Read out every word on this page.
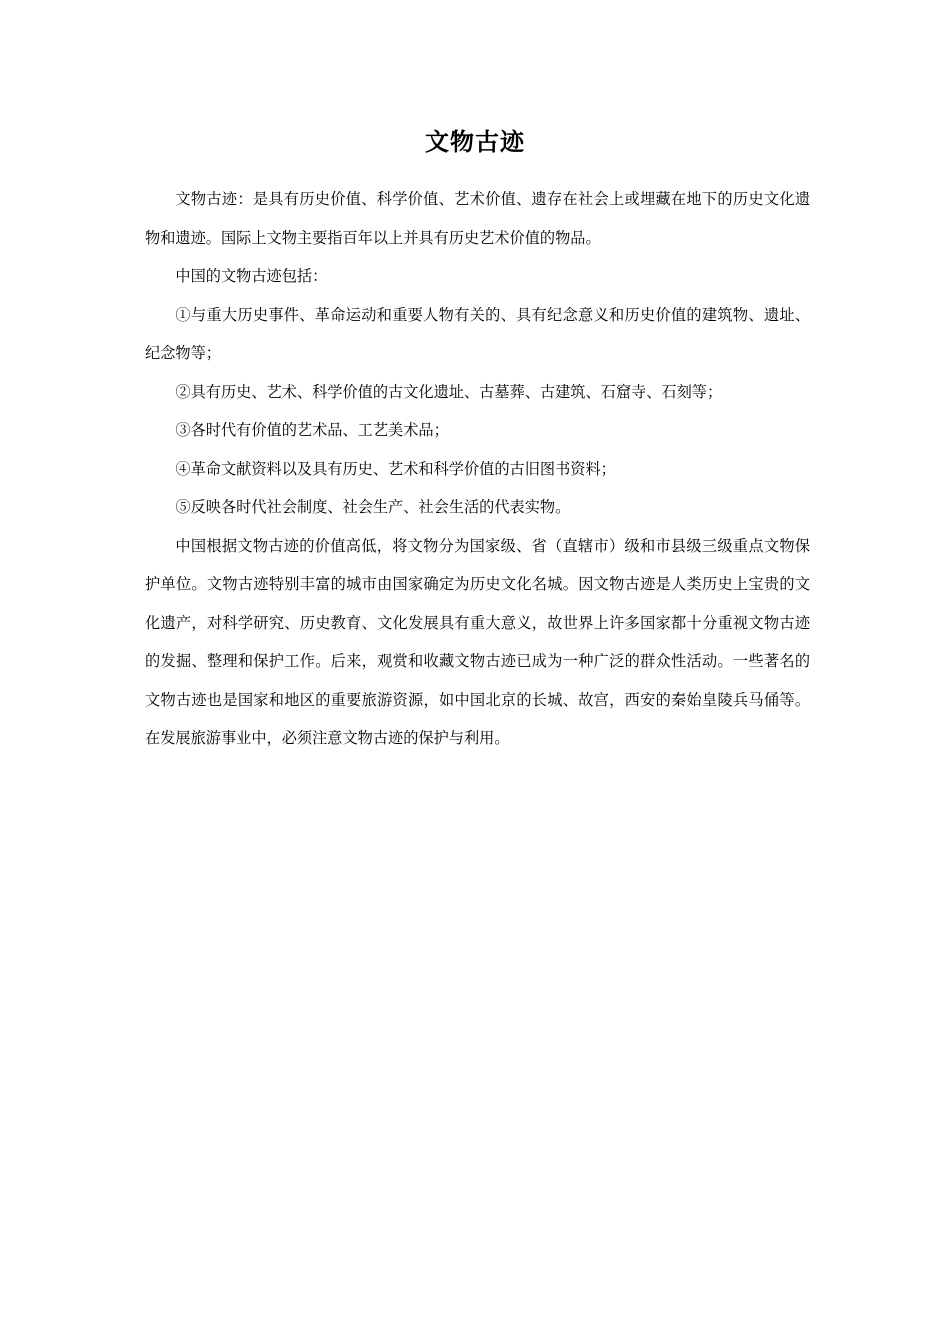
文物古迹

文物古迹：是具有历史价值、科学价值、艺术价值、遗存在社会上或埋藏在地下的历史文化遗物和遗迹。国际上文物主要指百年以上并具有历史艺术价值的物品。

中国的文物古迹包括：

①与重大历史事件、革命运动和重要人物有关的、具有纪念意义和历史价值的建筑物、遗址、纪念物等；

②具有历史、艺术、科学价值的古文化遗址、古墓葬、古建筑、石窟寺、石刻等；

③各时代有价值的艺术品、工艺美术品；

④革命文献资料以及具有历史、艺术和科学价值的古旧图书资料；

⑤反映各时代社会制度、社会生产、社会生活的代表实物。

中国根据文物古迹的价值高低，将文物分为国家级、省（直辖市）级和市县级三级重点文物保护单位。文物古迹特别丰富的城市由国家确定为历史文化名城。因文物古迹是人类历史上宝贵的文化遗产，对科学研究、历史教育、文化发展具有重大意义，故世界上许多国家都十分重视文物古迹的发掘、整理和保护工作。后来，观赏和收藏文物古迹已成为一种广泛的群众性活动。一些著名的文物古迹也是国家和地区的重要旅游资源，如中国北京的长城、故宫，西安的秦始皇陵兵马俑等。在发展旅游事业中，必须注意文物古迹的保护与利用。
